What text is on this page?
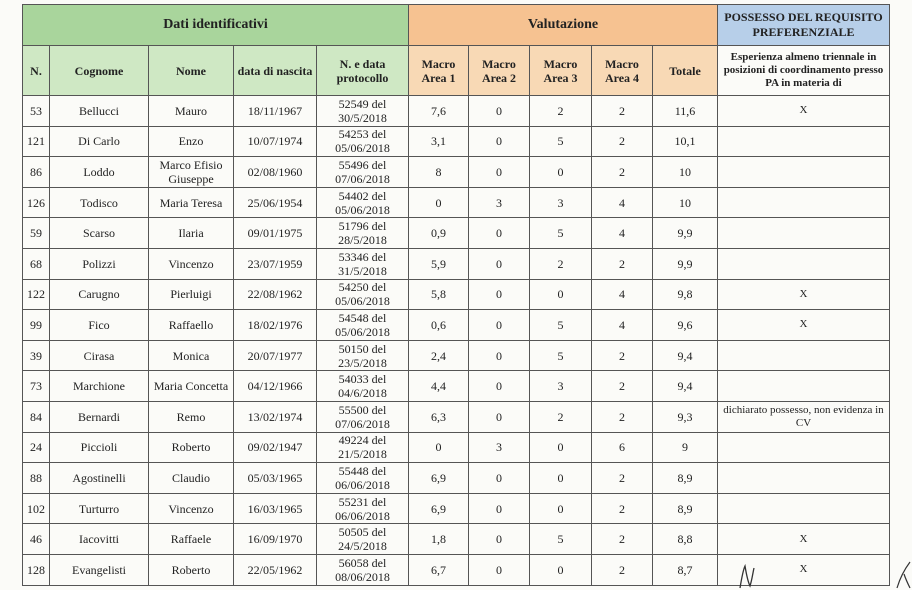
Dati identificativi					Valutazione					POSSESSO DEL REQUISITO PREFERENZIALE
N.	Cognome	Nome	data di nascita	N. e data protocollo	Macro Area 1	Macro Area 2	Macro Area 3	Macro Area 4	Totale	Esperienza almeno triennale in posizioni di coordinamento presso PA in materia di
53	Bellucci	Mauro	18/11/1967	52549 del 30/5/2018	7,6	0	2	2	11,6	X
121	Di Carlo	Enzo	10/07/1974	54253 del 05/06/2018	3,1	0	5	2	10,1	
86	Loddo	Marco Efisio Giuseppe	02/08/1960	55496 del 07/06/2018	8	0	0	2	10	
126	Todisco	Maria Teresa	25/06/1954	54402 del 05/06/2018	0	3	3	4	10	
59	Scarso	Ilaria	09/01/1975	51796 del 28/5/2018	0,9	0	5	4	9,9	
68	Polizzi	Vincenzo	23/07/1959	53346 del 31/5/2018	5,9	0	2	2	9,9	
122	Carugno	Pierluigi	22/08/1962	54250 del 05/06/2018	5,8	0	0	4	9,8	X
99	Fico	Raffaello	18/02/1976	54548 del 05/06/2018	0,6	0	5	4	9,6	X
39	Cirasa	Monica	20/07/1977	50150 del 23/5/2018	2,4	0	5	2	9,4	
73	Marchione	Maria Concetta	04/12/1966	54033 del 04/6/2018	4,4	0	3	2	9,4	
84	Bernardi	Remo	13/02/1974	55500 del 07/06/2018	6,3	0	2	2	9,3	dichiarato possesso, non evidenza in CV
24	Piccioli	Roberto	09/02/1947	49224 del 21/5/2018	0	3	0	6	9	
88	Agostinelli	Claudio	05/03/1965	55448 del 06/06/2018	6,9	0	0	2	8,9	
102	Turturro	Vincenzo	16/03/1965	55231 del 06/06/2018	6,9	0	0	2	8,9	
46	Iacovitti	Raffaele	16/09/1970	50505 del 24/5/2018	1,8	0	5	2	8,8	X
128	Evangelisti	Roberto	22/05/1962	56058 del 08/06/2018	6,7	0	0	2	8,7	X
